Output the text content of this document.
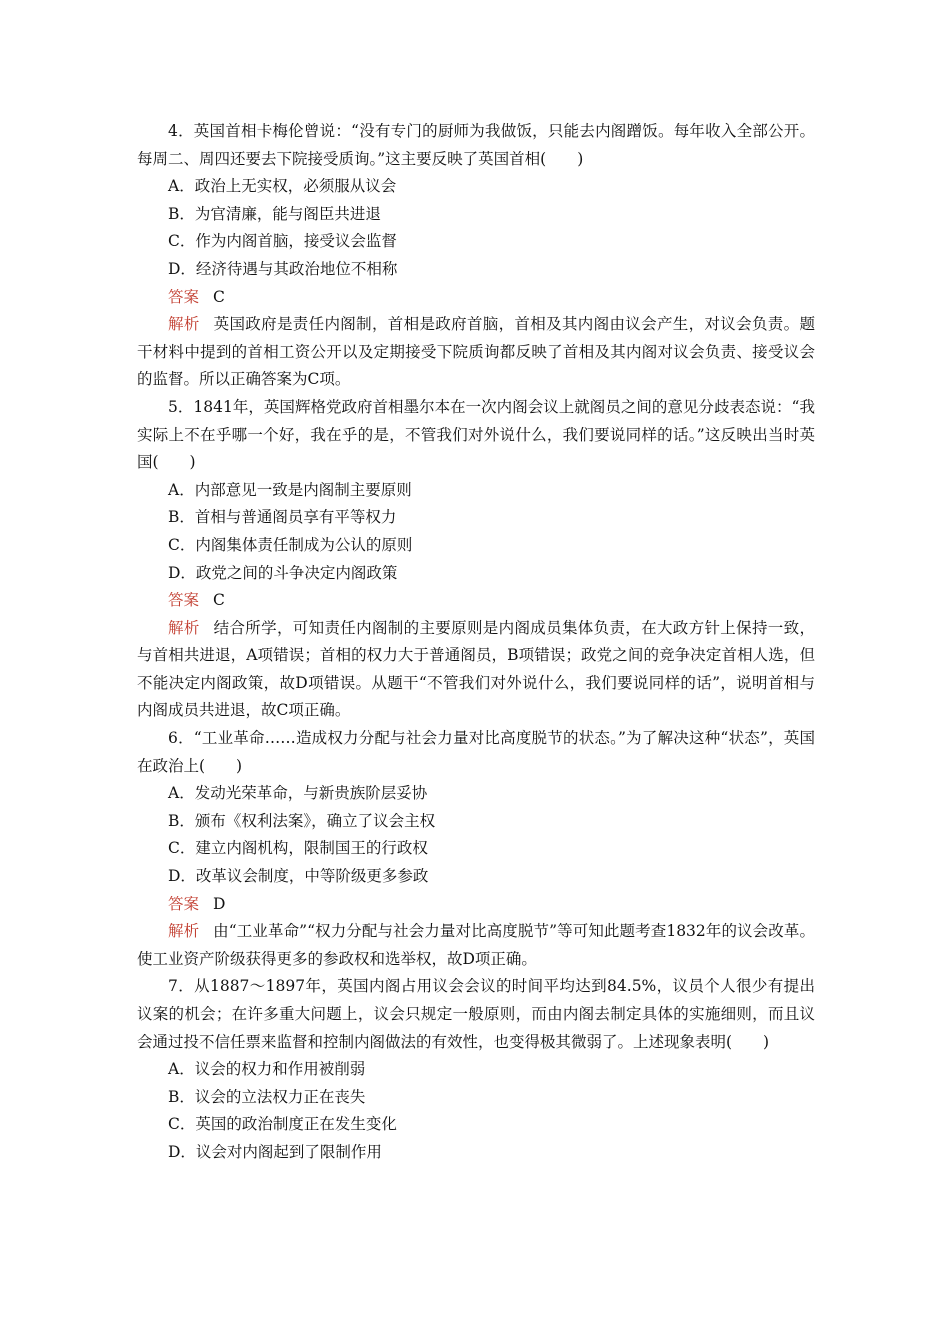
4．英国首相卡梅伦曾说：“没有专门的厨师为我做饭，只能去内阁蹭饭。每年收入全部公开。每周二、周四还要去下院接受质询。”这主要反映了英国首相(　　)

A．政治上无实权，必须服从议会

B．为官清廉，能与阁臣共进退

C．作为内阁首脑，接受议会监督

D．经济待遇与其政治地位不相称

答案 C

解析 英国政府是责任内阁制，首相是政府首脑，首相及其内阁由议会产生，对议会负责。题干材料中提到的首相工资公开以及定期接受下院质询都反映了首相及其内阁对议会负责、接受议会的监督。所以正确答案为C项。

5．1841年，英国辉格党政府首相墨尔本在一次内阁会议上就阁员之间的意见分歧表态说：“我实际上不在乎哪一个好，我在乎的是，不管我们对外说什么，我们要说同样的话。”这反映出当时英国(　　)

A．内部意见一致是内阁制主要原则

B．首相与普通阁员享有平等权力

C．内阁集体责任制成为公认的原则

D．政党之间的斗争决定内阁政策

答案 C

解析 结合所学，可知责任内阁制的主要原则是内阁成员集体负责，在大政方针上保持一致，与首相共进退，A项错误；首相的权力大于普通阁员，B项错误；政党之间的竞争决定首相人选，但不能决定内阁政策，故D项错误。从题干“不管我们对外说什么，我们要说同样的话”，说明首相与内阁成员共进退，故C项正确。

6．“工业革命……造成权力分配与社会力量对比高度脱节的状态。”为了解决这种“状态”，英国在政治上(　　)

A．发动光荣革命，与新贵族阶层妥协

B．颁布《权利法案》，确立了议会主权

C．建立内阁机构，限制国王的行政权

D．改革议会制度，中等阶级更多参政

答案 D

解析 由“工业革命”“权力分配与社会力量对比高度脱节”等可知此题考查1832年的议会改革。使工业资产阶级获得更多的参政权和选举权，故D项正确。

7．从1887～1897年，英国内阁占用议会会议的时间平均达到84.5%，议员个人很少有提出议案的机会；在许多重大问题上，议会只规定一般原则，而由内阁去制定具体的实施细则，而且议会通过投不信任票来监督和控制内阁做法的有效性，也变得极其微弱了。上述现象表明(　　)

A．议会的权力和作用被削弱

B．议会的立法权力正在丧失

C．英国的政治制度正在发生变化

D．议会对内阁起到了限制作用
